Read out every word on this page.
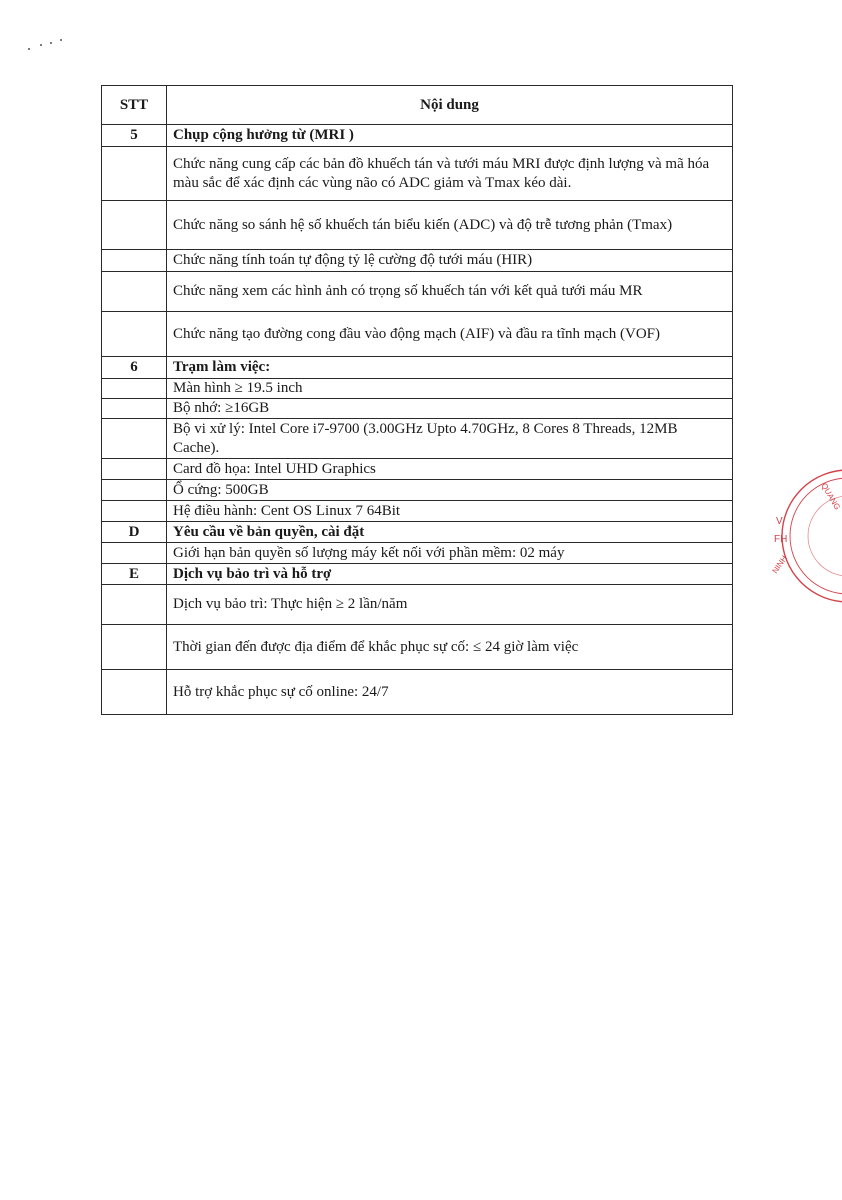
STT	Nội dung
5	Chụp cộng hưởng từ (MRI )
	Chức năng cung cấp các bản đồ khuếch tán và tưới máu MRI được định lượng và mã hóa màu sắc để xác định các vùng não có ADC giảm và Tmax kéo dài.
	Chức năng so sánh hệ số khuếch tán biểu kiến (ADC) và độ trễ tương phản (Tmax)
	Chức năng tính toán tự động tỷ lệ cường độ tưới máu (HIR)
	Chức năng xem các hình ảnh có trọng số khuếch tán với kết quả tưới máu MR
	Chức năng tạo đường cong đầu vào động mạch (AIF) và đầu ra tĩnh mạch (VOF)
6	Trạm làm việc:
	Màn hình ≥ 19.5 inch
	Bộ nhớ: ≥16GB
	Bộ vi xử lý: Intel Core i7-9700 (3.00GHz Upto 4.70GHz, 8 Cores 8 Threads, 12MB Cache).
	Card đồ họa: Intel UHD Graphics
	Ổ cứng: 500GB
	Hệ điều hành: Cent OS Linux 7 64Bit
D	Yêu cầu về bản quyền, cài đặt
	Giới hạn bản quyền số lượng máy kết nối với phần mềm: 02 máy
E	Dịch vụ bảo trì và hỗ trợ
	Dịch vụ bảo trì: Thực hiện ≥ 2 lần/năm
	Thời gian đến được địa điểm để khắc phục sự cố: ≤ 24 giờ làm việc
	Hỗ trợ khắc phục sự cố online: 24/7
QUANG
V
FH
NINH
